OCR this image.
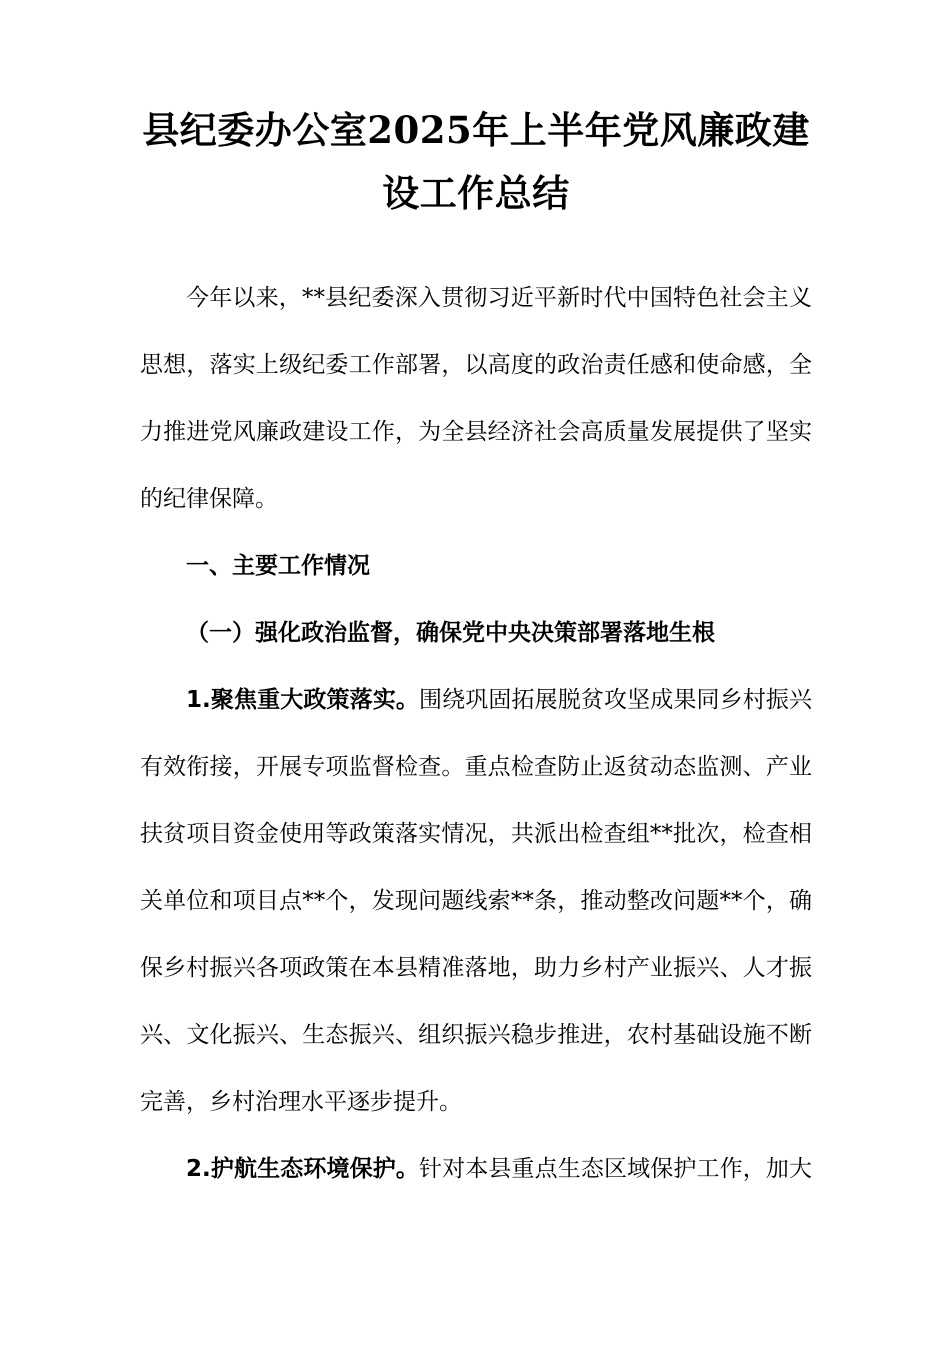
县纪委办公室2025年上半年党风廉政建设工作总结

今年以来，**县纪委深入贯彻习近平新时代中国特色社会主义思想，落实上级纪委工作部署，以高度的政治责任感和使命感，全力推进党风廉政建设工作，为全县经济社会高质量发展提供了坚实的纪律保障。

一、主要工作情况
（一）强化政治监督，确保党中央决策部署落地生根

1.聚焦重大政策落实。围绕巩固拓展脱贫攻坚成果同乡村振兴有效衔接，开展专项监督检查。重点检查防止返贫动态监测、产业扶贫项目资金使用等政策落实情况，共派出检查组**批次，检查相关单位和项目点**个，发现问题线索**条，推动整改问题**个，确保乡村振兴各项政策在本县精准落地，助力乡村产业振兴、人才振兴、文化振兴、生态振兴、组织振兴稳步推进，农村基础设施不断完善，乡村治理水平逐步提升。

2.护航生态环境保护。针对本县重点生态区域保护工作，加大
